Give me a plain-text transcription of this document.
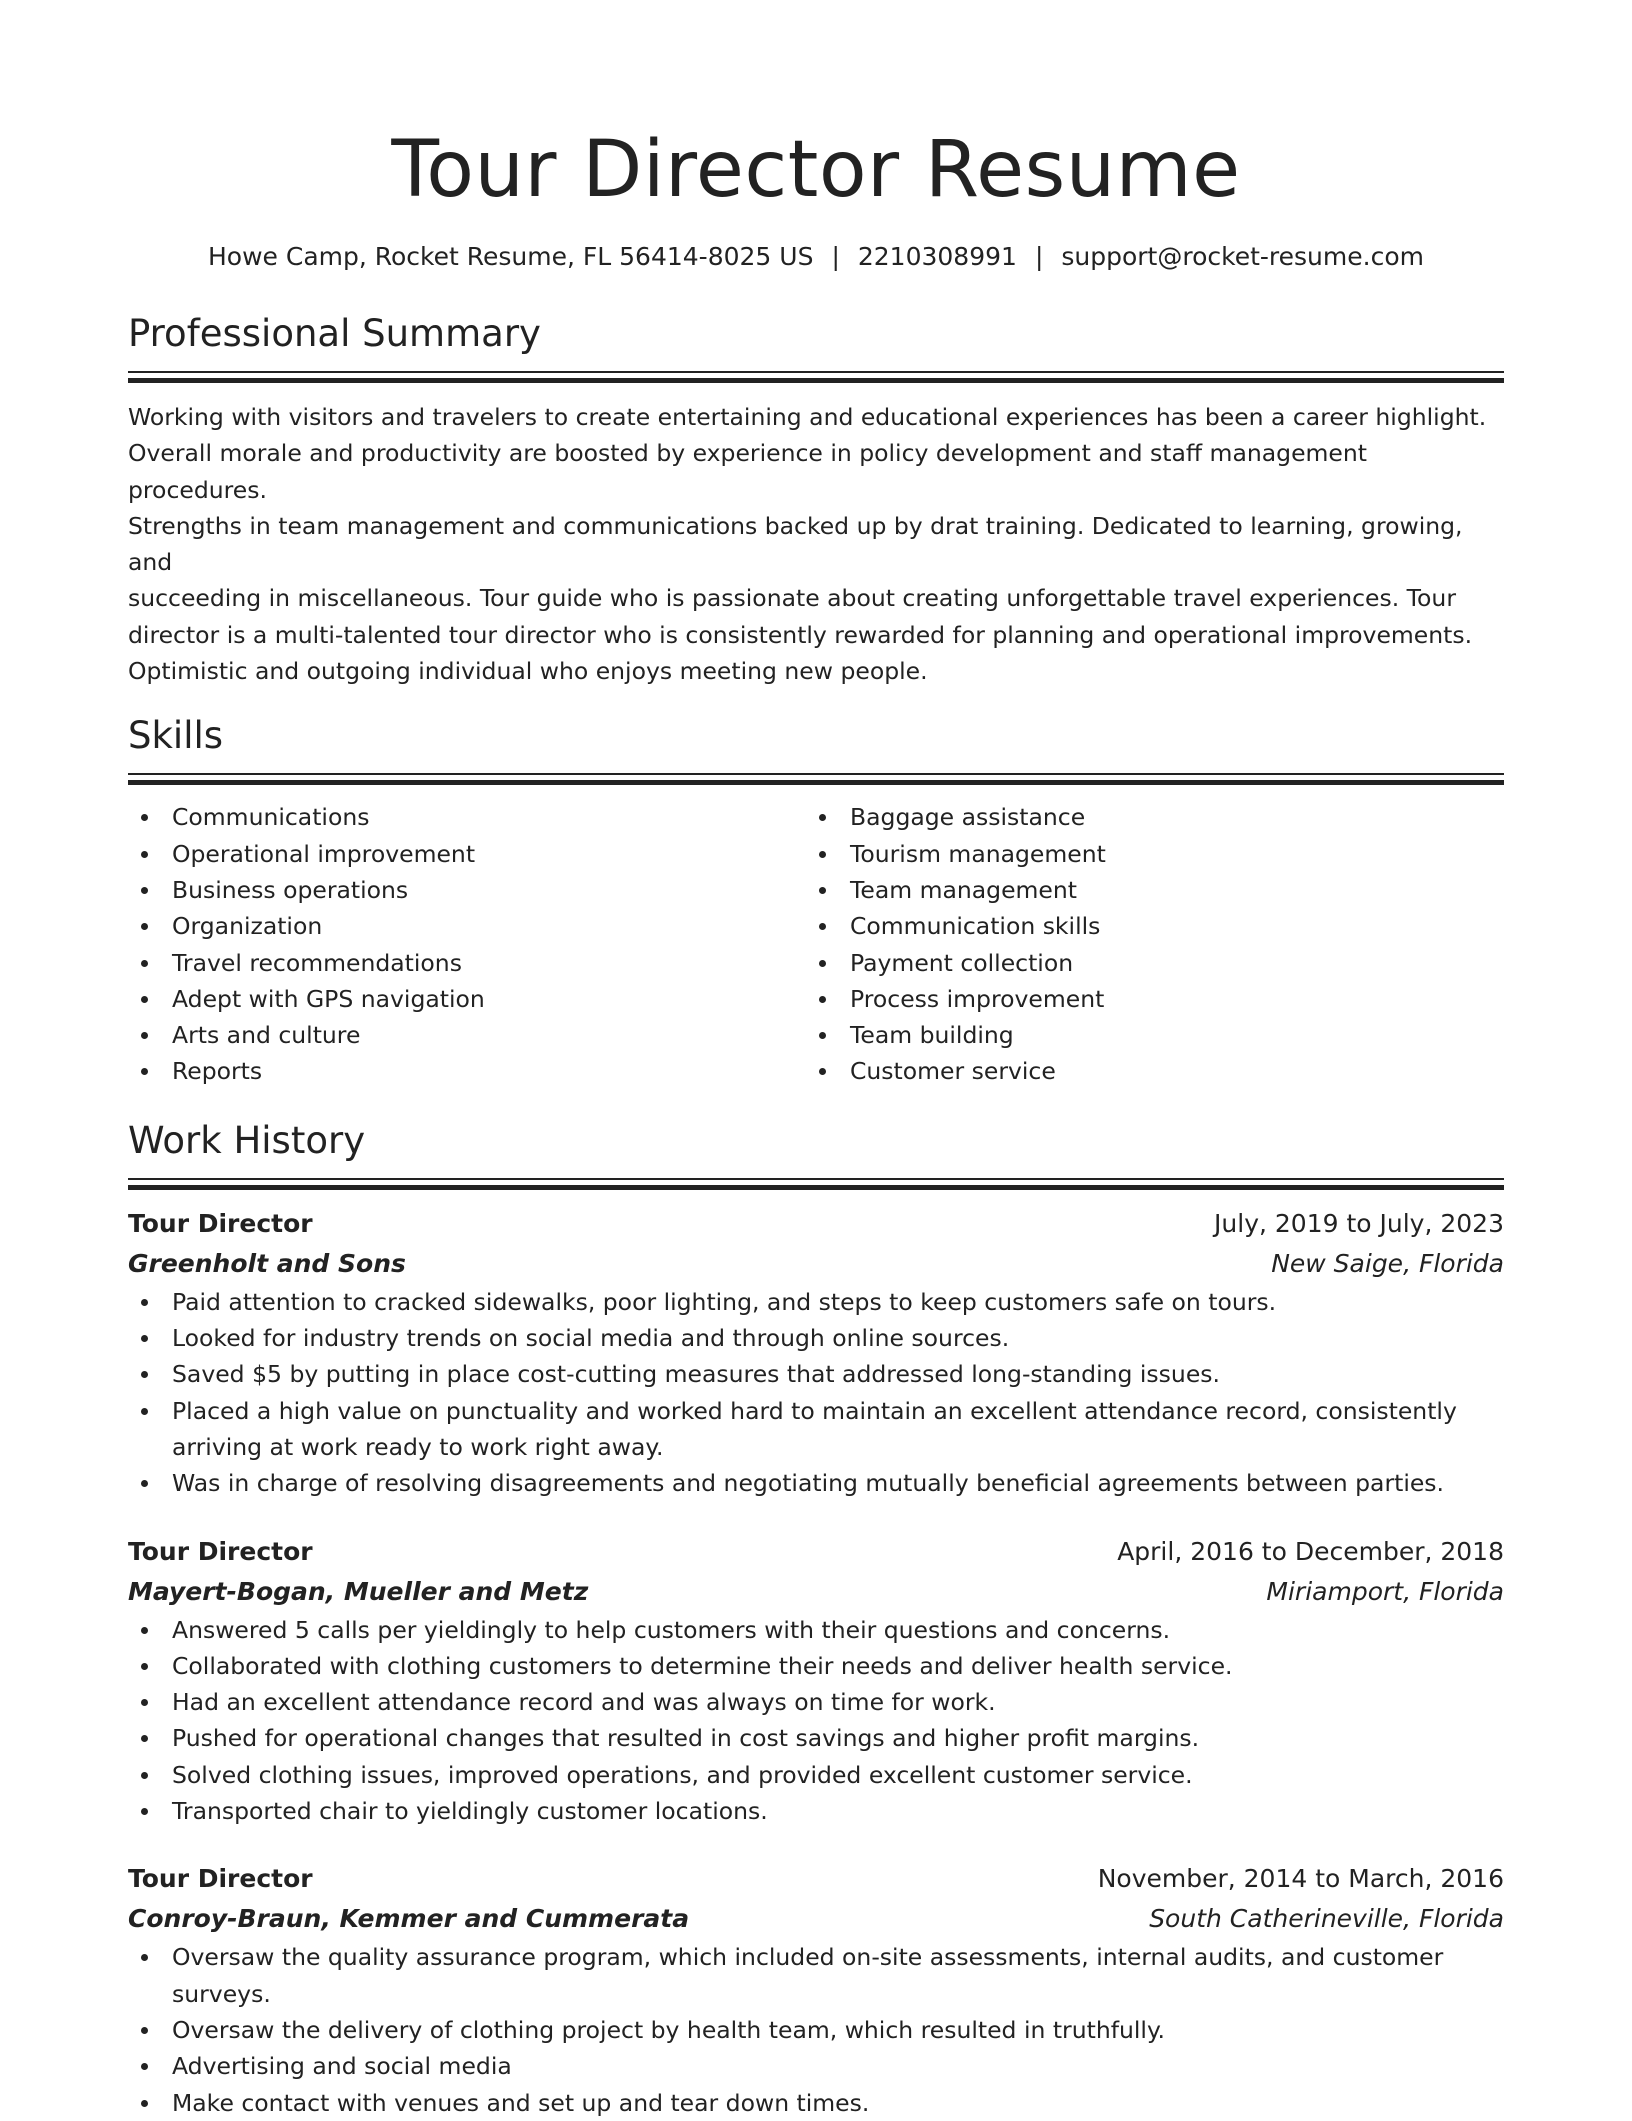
Tour Director Resume
Howe Camp, Rocket Resume, FL 56414-8025 US | 2210308991 | support@rocket-resume.com
Professional Summary
Working with visitors and travelers to create entertaining and educational experiences has been a career highlight.
Overall morale and productivity are boosted by experience in policy development and staff management procedures.
Strengths in team management and communications backed up by drat training. Dedicated to learning, growing, and
succeeding in miscellaneous. Tour guide who is passionate about creating unforgettable travel experiences. Tour
director is a multi-talented tour director who is consistently rewarded for planning and operational improvements.
Optimistic and outgoing individual who enjoys meeting new people.
Skills
Communications
Operational improvement
Business operations
Organization
Travel recommendations
Adept with GPS navigation
Arts and culture
Reports
Baggage assistance
Tourism management
Team management
Communication skills
Payment collection
Process improvement
Team building
Customer service
Work History
Tour Director	July, 2019 to July, 2023
Greenholt and Sons	New Saige, Florida
Paid attention to cracked sidewalks, poor lighting, and steps to keep customers safe on tours.
Looked for industry trends on social media and through online sources.
Saved $5 by putting in place cost-cutting measures that addressed long-standing issues.
Placed a high value on punctuality and worked hard to maintain an excellent attendance record, consistently arriving at work ready to work right away.
Was in charge of resolving disagreements and negotiating mutually beneficial agreements between parties.
Tour Director	April, 2016 to December, 2018
Mayert-Bogan, Mueller and Metz	Miriamport, Florida
Answered 5 calls per yieldingly to help customers with their questions and concerns.
Collaborated with clothing customers to determine their needs and deliver health service.
Had an excellent attendance record and was always on time for work.
Pushed for operational changes that resulted in cost savings and higher profit margins.
Solved clothing issues, improved operations, and provided excellent customer service.
Transported chair to yieldingly customer locations.
Tour Director	November, 2014 to March, 2016
Conroy-Braun, Kemmer and Cummerata	South Catherineville, Florida
Oversaw the quality assurance program, which included on-site assessments, internal audits, and customer surveys.
Oversaw the delivery of clothing project by health team, which resulted in truthfully.
Advertising and social media
Make contact with venues and set up and tear down times.
